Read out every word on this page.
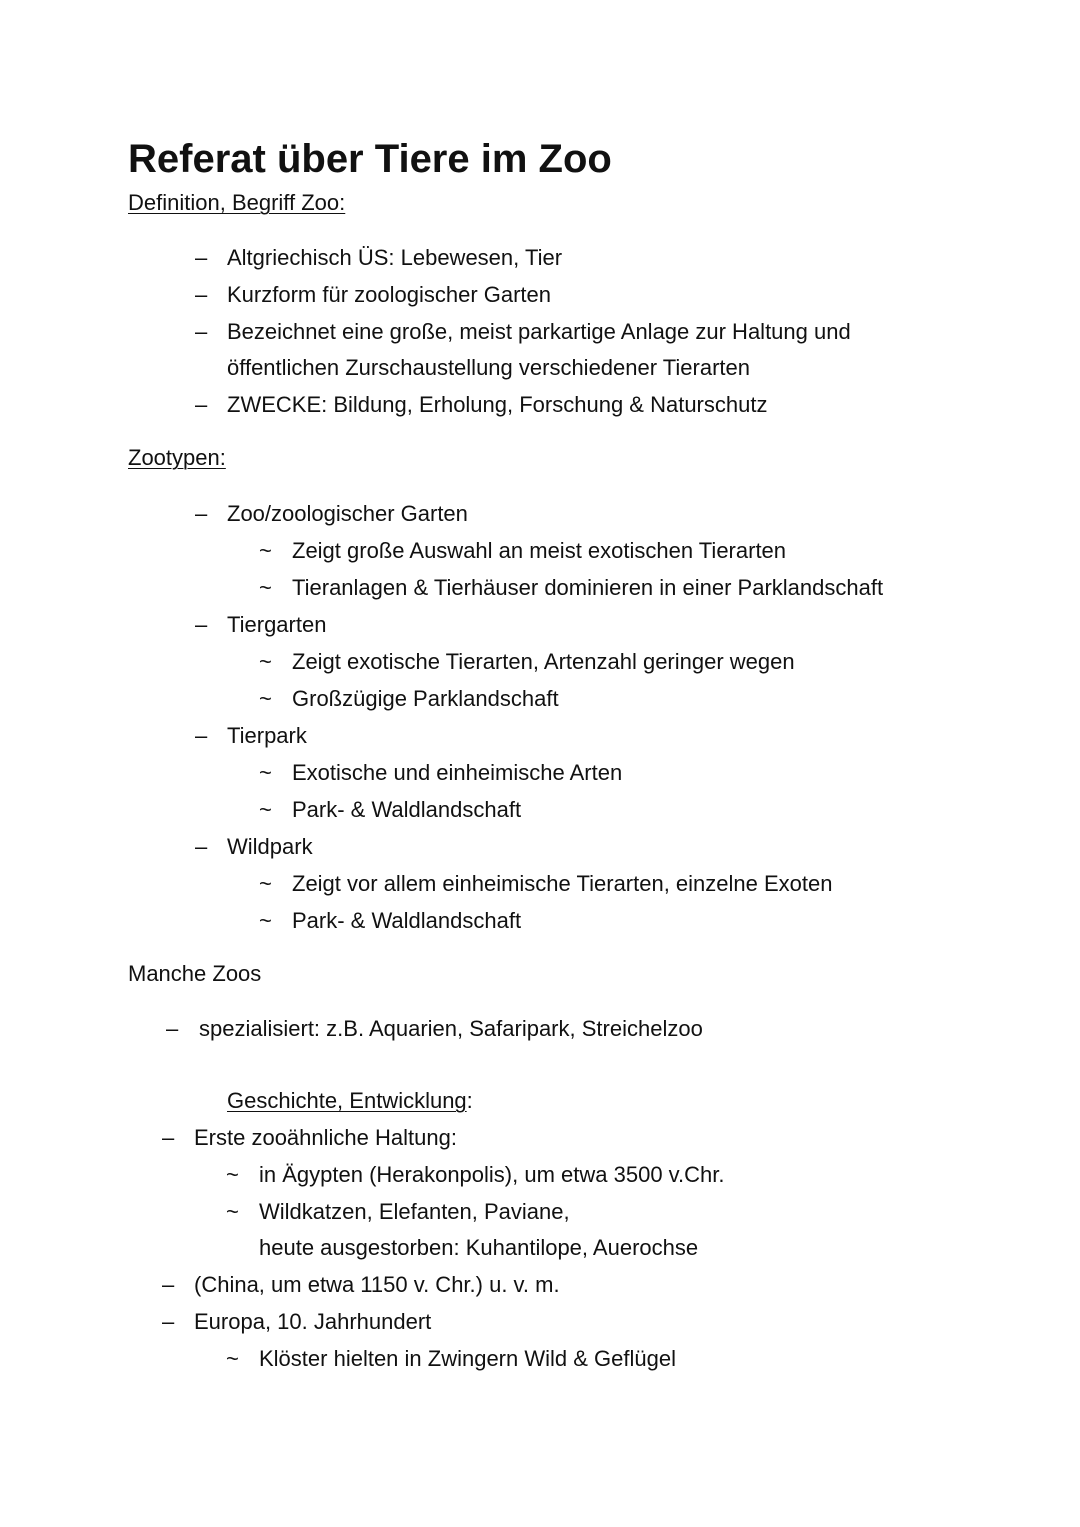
Referat über Tiere im Zoo
Definition, Begriff Zoo:
– Altgriechisch ÜS: Lebewesen, Tier
– Kurzform für zoologischer Garten
– Bezeichnet eine große, meist parkartige Anlage zur Haltung und
öffentlichen Zurschaustellung verschiedener Tierarten
– ZWECKE: Bildung, Erholung, Forschung & Naturschutz
Zootypen:
– Zoo/zoologischer Garten
~ Zeigt große Auswahl an meist exotischen Tierarten
~ Tieranlagen & Tierhäuser dominieren in einer Parklandschaft
– Tiergarten
~ Zeigt exotische Tierarten, Artenzahl geringer wegen
~ Großzügige Parklandschaft
– Tierpark
~ Exotische und einheimische Arten
~ Park- & Waldlandschaft
– Wildpark
~ Zeigt vor allem einheimische Tierarten, einzelne Exoten
~ Park- & Waldlandschaft
Manche Zoos
– spezialisiert: z.B. Aquarien, Safaripark, Streichelzoo
Geschichte, Entwicklung:
– Erste zooähnliche Haltung:
~ in Ägypten (Herakonpolis), um etwa 3500 v.Chr.
~ Wildkatzen, Elefanten, Paviane,
heute ausgestorben: Kuhantilope, Auerochse
– (China, um etwa 1150 v. Chr.) u. v. m.
– Europa, 10. Jahrhundert
~ Klöster hielten in Zwingern Wild & Geflügel
